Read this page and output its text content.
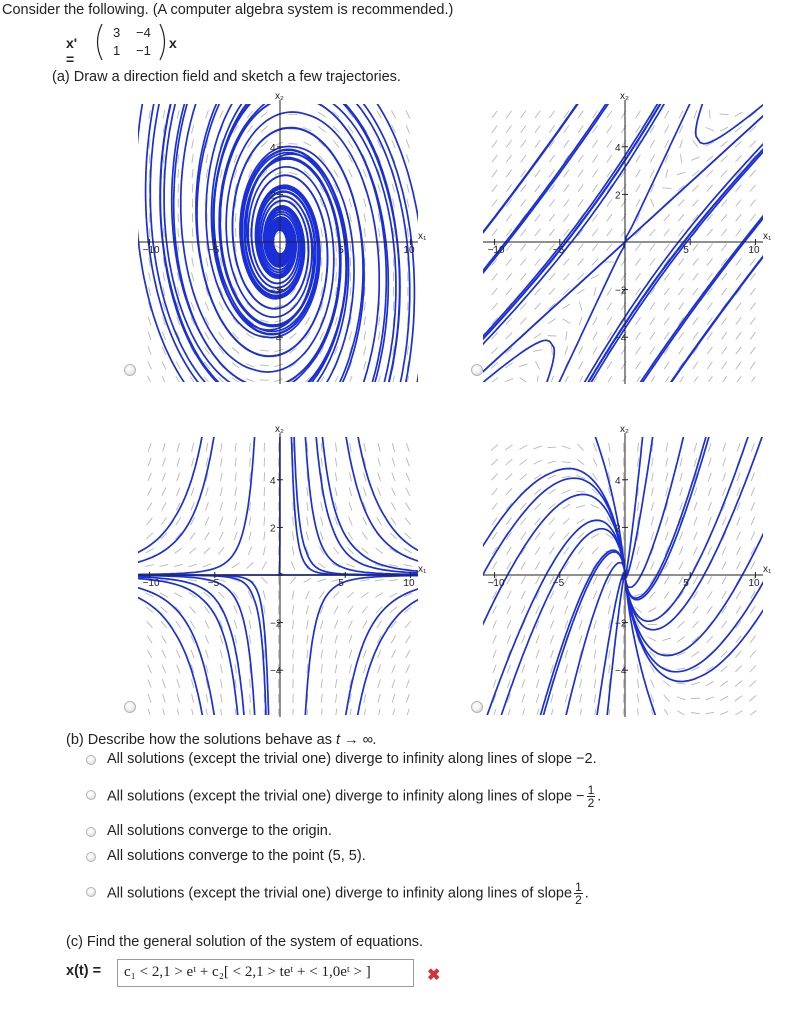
Consider the following. (A computer algebra system is recommended.)
x' =
3 −4
1 −1 x
(a) Draw a direction field and sketch a few trajectories.
−10	−5	5	10
4
2
−2
−4
x₁
x₂
−10	−5	5	10
4
2
−2
−4
x₁
x₂
−10	−5	5	10
4
2
−2
−4
x₁
x₂
−10	−5	5	10
4
2
−2
−4
x₁
x₂
(b) Describe how the solutions behave as t → ∞.
All solutions (except the trivial one) diverge to infinity along lines of slope −2.
All solutions (except the trivial one) diverge to infinity along lines of slope − $\frac{1}{2}$ .
All solutions converge to the origin.
All solutions converge to the point (5, 5).
All solutions (except the trivial one) diverge to infinity along lines of slope $\frac{1}{2}$ .
(c) Find the general solution of the system of equations.
x(t) =	c₁ < 2,1 > eᵗ + c₂[ < 2,1 > teᵗ + < 1,0eᵗ > ]	✖
